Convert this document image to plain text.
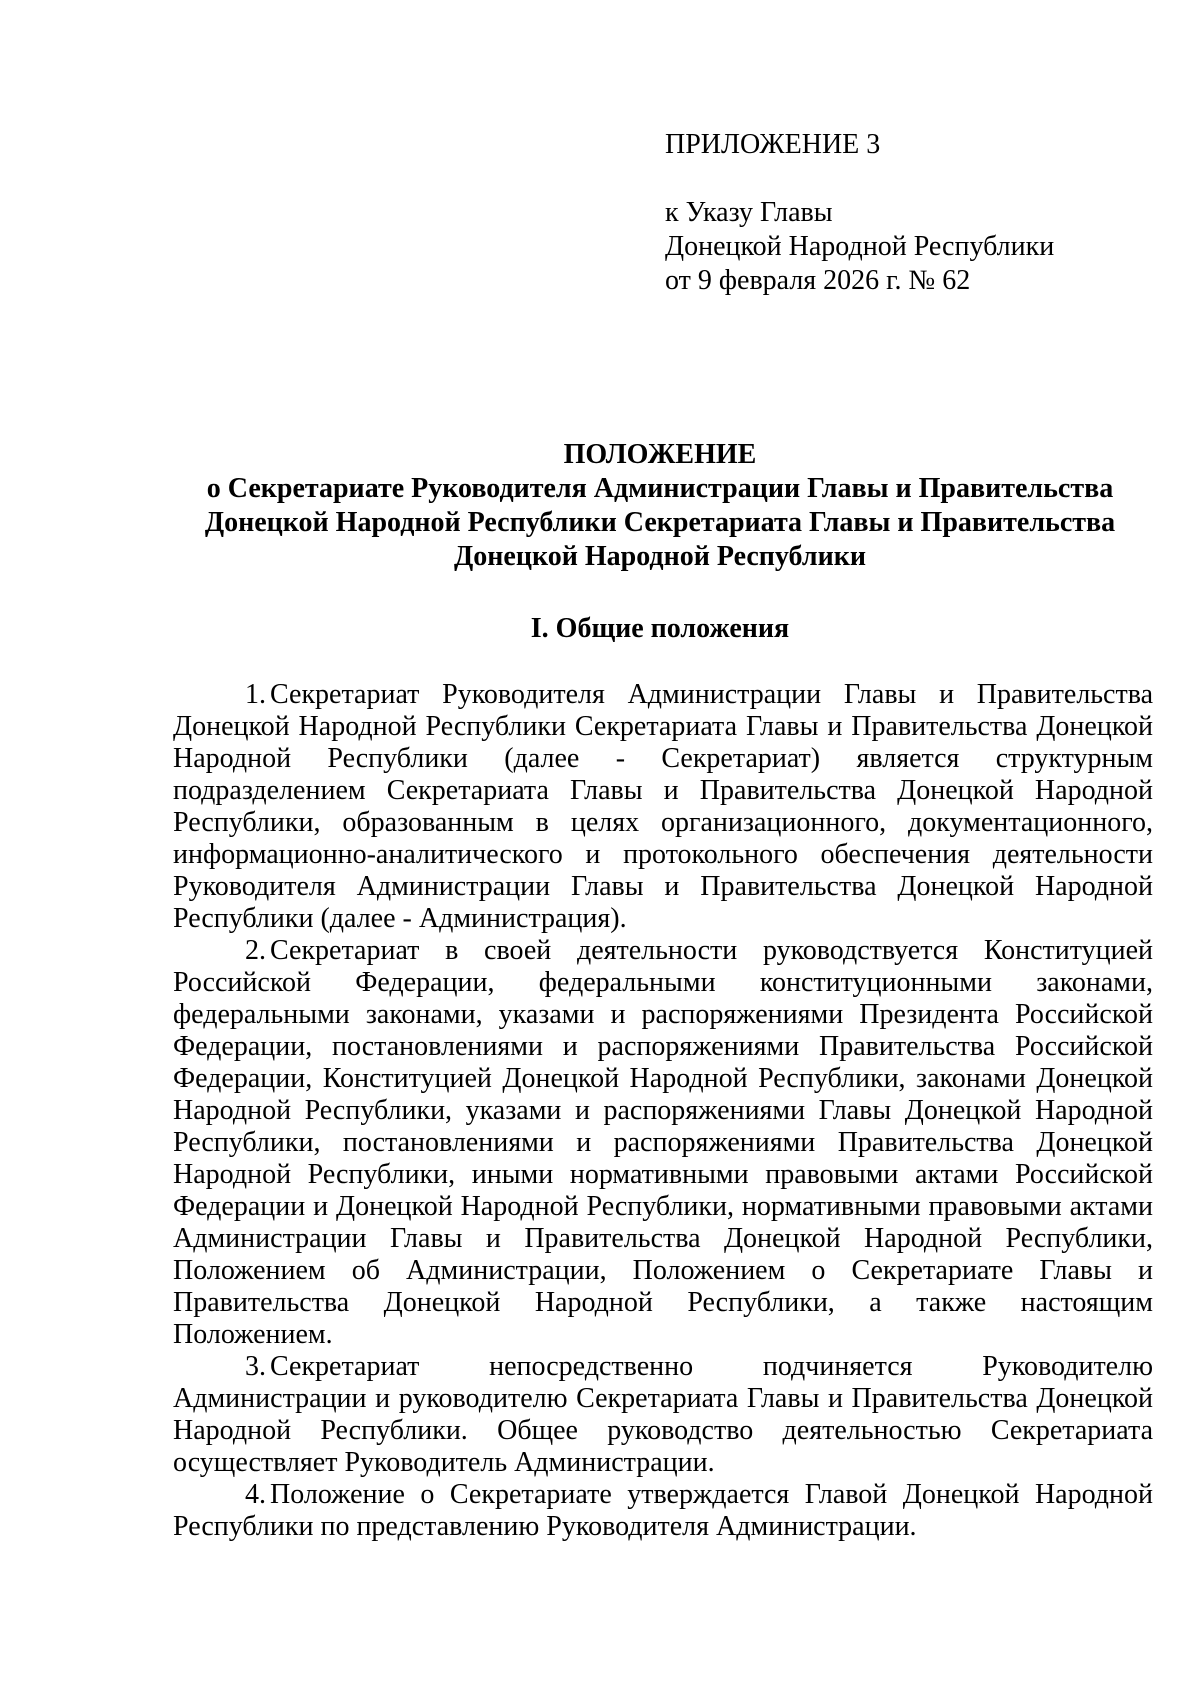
ПРИЛОЖЕНИЕ 3
к Указу Главы
Донецкой Народной Республики
от 9 февраля 2026 г. № 62
ПОЛОЖЕНИЕ
о Секретариате Руководителя Администрации Главы и Правительства
Донецкой Народной Республики Секретариата Главы и Правительства
Донецкой Народной Республики
I. Общие положения

1. Секретариат Руководителя Администрации Главы и Правительства Донецкой Народной Республики Секретариата Главы и Правительства Донецкой Народной Республики (далее - Секретариат) является структурным подразделением Секретариата Главы и Правительства Донецкой Народной Республики, образованным в целях организационного, документационного, информационно-аналитического и протокольного обеспечения деятельности Руководителя Администрации Главы и Правительства Донецкой Народной Республики (далее - Администрация).

2. Секретариат в своей деятельности руководствуется Конституцией Российской Федерации, федеральными конституционными законами, федеральными законами, указами и распоряжениями Президента Российской Федерации, постановлениями и распоряжениями Правительства Российской Федерации, Конституцией Донецкой Народной Республики, законами Донецкой Народной Республики, указами и распоряжениями Главы Донецкой Народной Республики, постановлениями и распоряжениями Правительства Донецкой Народной Республики, иными нормативными правовыми актами Российской Федерации и Донецкой Народной Республики, нормативными правовыми актами Администрации Главы и Правительства Донецкой Народной Республики, Положением об Администрации, Положением о Секретариате Главы и Правительства Донецкой Народной Республики, а также настоящим Положением.

3. Секретариат непосредственно подчиняется Руководителю Администрации и руководителю Секретариата Главы и Правительства Донецкой Народной Республики. Общее руководство деятельностью Секретариата осуществляет Руководитель Администрации.

4. Положение о Секретариате утверждается Главой Донецкой Народной Республики по представлению Руководителя Администрации.
